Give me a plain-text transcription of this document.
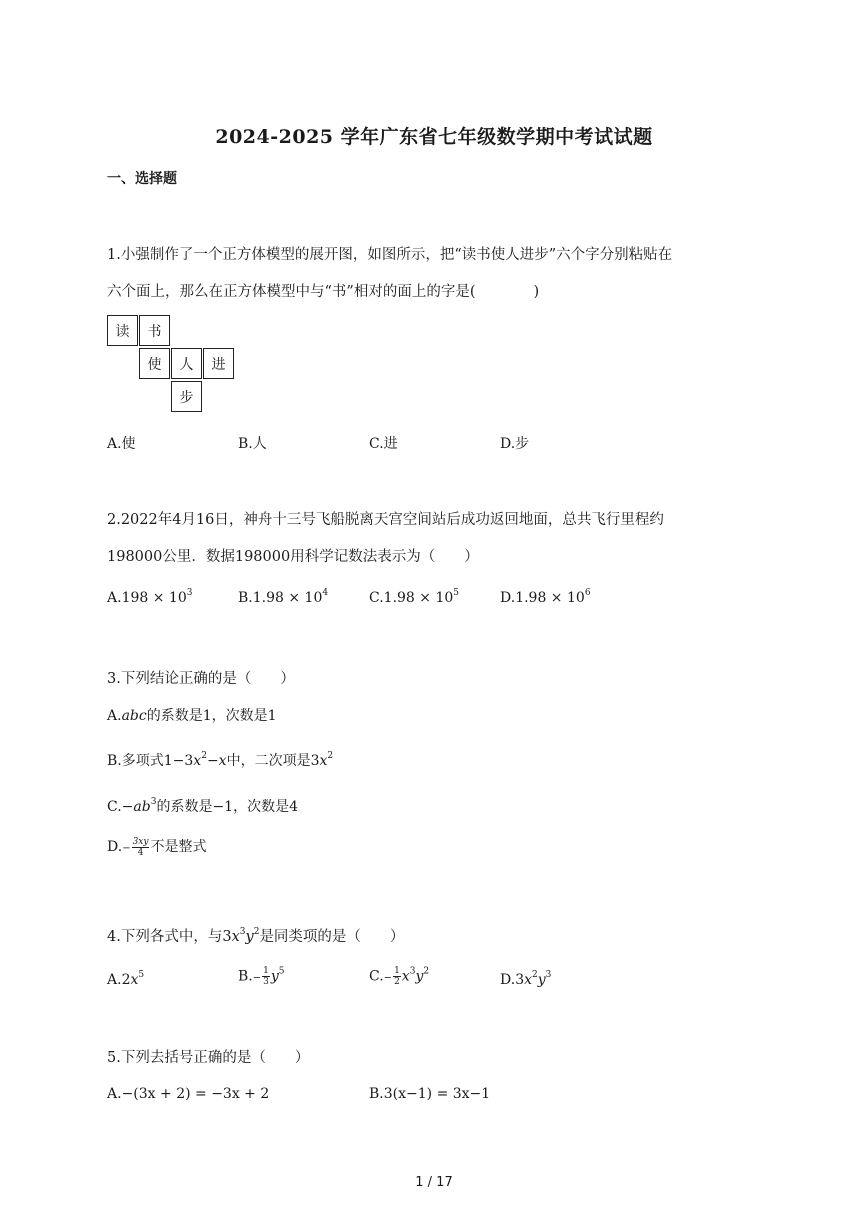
2024-2025 学年广东省七年级数学期中考试试题
一、选择题
1.小强制作了一个正方体模型的展开图，如图所示，把“读书使人进步”六个字分别粘贴在
六个面上，那么在正方体模型中与“书”相对的面上的字是(　　　　)
读	书
使	人	进
步
A.使	B.人	C.进	D.步
2.2022年4月16日，神舟十三号飞船脱离天宫空间站后成功返回地面，总共飞行里程约
198000公里．数据198000用科学记数法表示为（　　）
$A.198 \times 10^3$	$B.1.98 \times 10^4$	$C.1.98 \times 10^5$	$D.1.98 \times 10^6$
3.下列结论正确的是（　　）
A.abc的系数是1，次数是1
B.多项式$1-3x^2-x$中，二次项是$3x^2$
$C.-ab^3$的系数是−1，次数是4
$D.- \frac{3xy}{4}$ 不是整式
4.下列各式中，与$3x^3y^2$是同类项的是（　　）
$A.2x^5$	$B.- \frac{1}{3} y^5$	$C.- \frac{1}{2} x^3y^2$
$D.3x^2y^3$
5.下列去括号正确的是（　　）
A.−(3x + 2) = −3x + 2	B.3(x−1) = 3x−1
1 / 17
